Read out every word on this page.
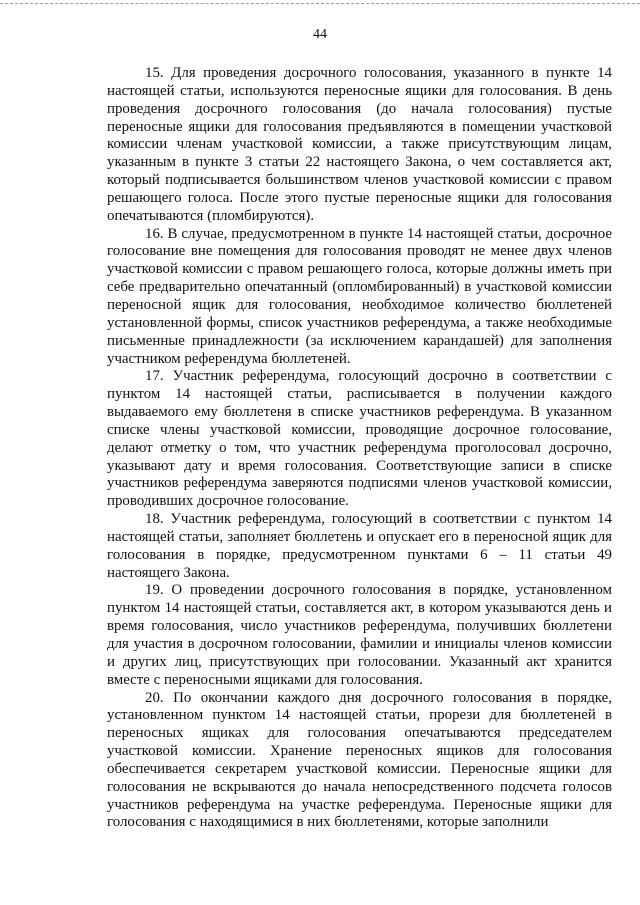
44

15. Для проведения досрочного голосования, указанного в пункте 14 настоящей статьи, используются переносные ящики для голосования. В день проведения досрочного голосования (до начала голосования) пустые переносные ящики для голосования предъявляются в помещении участковой комиссии членам участковой комиссии, а также присутствующим лицам, указанным в пункте 3 статьи 22 настоящего Закона, о чем составляется акт, который подписывается большинством членов участковой комиссии с правом решающего голоса. После этого пустые переносные ящики для голосования опечатываются (пломбируются).

16. В случае, предусмотренном в пункте 14 настоящей статьи, досрочное голосование вне помещения для голосования проводят не менее двух членов участковой комиссии с правом решающего голоса, которые должны иметь при себе предварительно опечатанный (опломбированный) в участковой комиссии переносной ящик для голосования, необходимое количество бюллетеней установленной формы, список участников референдума, а также необходимые письменные принадлежности (за исключением карандашей) для заполнения участником референдума бюллетеней.

17. Участник референдума, голосующий досрочно в соответствии с пунктом 14 настоящей статьи, расписывается в получении каждого выдаваемого ему бюллетеня в списке участников референдума. В указанном списке члены участковой комиссии, проводящие досрочное голосование, делают отметку о том, что участник референдума проголосовал досрочно, указывают дату и время голосования. Соответствующие записи в списке участников референдума заверяются подписями членов участковой комиссии, проводивших досрочное голосование.

18. Участник референдума, голосующий в соответствии с пунктом 14 настоящей статьи, заполняет бюллетень и опускает его в переносной ящик для голосования в порядке, предусмотренном пунктами 6 – 11 статьи 49 настоящего Закона.

19. О проведении досрочного голосования в порядке, установленном пунктом 14 настоящей статьи, составляется акт, в котором указываются день и время голосования, число участников референдума, получивших бюллетени для участия в досрочном голосовании, фамилии и инициалы членов комиссии и других лиц, присутствующих при голосовании. Указанный акт хранится вместе с переносными ящиками для голосования.

20. По окончании каждого дня досрочного голосования в порядке, установленном пунктом 14 настоящей статьи, прорези для бюллетеней в переносных ящиках для голосования опечатываются председателем участковой комиссии. Хранение переносных ящиков для голосования обеспечивается секретарем участковой комиссии. Переносные ящики для голосования не вскрываются до начала непосредственного подсчета голосов участников референдума на участке референдума. Переносные ящики для голосования с находящимися в них бюллетенями, которые заполнили
